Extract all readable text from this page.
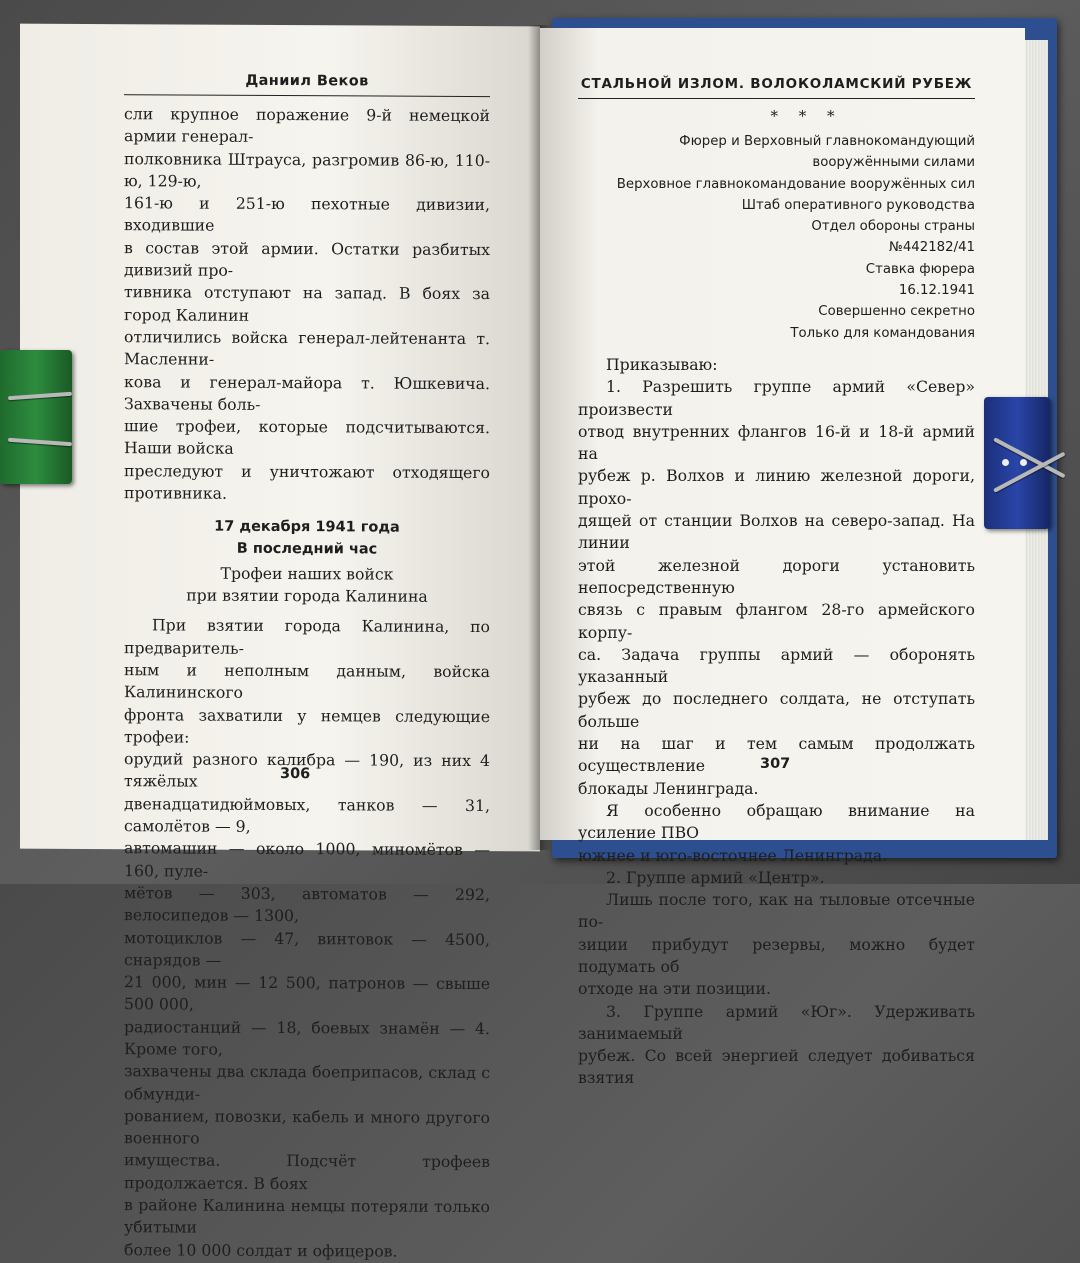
Даниил Веков

сли крупное поражение 9-й немецкой армии генерал-

полковника Штрауса, разгромив 86-ю, 110-ю, 129-ю,

161-ю и 251-ю пехотные дивизии, входившие

в состав этой армии. Остатки разбитых дивизий про-

тивника отступают на запад. В боях за город Калинин

отличились войска генерал-лейтенанта т. Масленни-

кова и генерал-майора т. Юшкевича. Захвачены боль-

шие трофеи, которые подсчитываются. Наши войска

преследуют и уничтожают отходящего противника.

17 декабря 1941 года
В последний час

Трофеи наших войск
при взятии города Калинина

При взятии города Калинина, по предваритель-

ным и неполным данным, войска Калининского

фронта захватили у немцев следующие трофеи:

орудий разного калибра — 190, из них 4 тяжёлых

двенадцатидюймовых, танков — 31, самолётов — 9,

автомашин — около 1000, миномётов — 160, пуле-

мётов — 303, автоматов — 292, велосипедов — 1300,

мотоциклов — 47, винтовок — 4500, снарядов —

21 000, мин — 12 500, патронов — свыше 500 000,

радиостанций — 18, боевых знамён — 4. Кроме того,

захвачены два склада боеприпасов, склад с обмунди-

рованием, повозки, кабель и много другого военного

имущества. Подсчёт трофеев продолжается. В боях

в районе Калинина немцы потеряли только убитыми

более 10 000 солдат и офицеров.

306
СТАЛЬНОЙ ИЗЛОМ. ВОЛОКОЛАМСКИЙ РУБЕЖ
* * *
Фюрер и Верховный главнокомандующий
вооружёнными силами
Верховное главнокомандование вооружённых сил
Штаб оперативного руководства
Отдел обороны страны
№442182/41
Ставка фюрера
16.12.1941
Совершенно секретно
Только для командования

Приказываю:

1. Разрешить группе армий «Север» произвести

отвод внутренних флангов 16-й и 18-й армий на

рубеж р. Волхов и линию железной дороги, прохо-

дящей от станции Волхов на северо-запад. На линии

этой железной дороги установить непосредственную

связь с правым флангом 28-го армейского корпу-

са. Задача группы армий — оборонять указанный

рубеж до последнего солдата, не отступать больше

ни на шаг и тем самым продолжать осуществление

блокады Ленинграда.

Я особенно обращаю внимание на усиление ПВО

южнее и юго-восточнее Ленинграда.

2. Группе армий «Центр».

Лишь после того, как на тыловые отсечные по-

зиции прибудут резервы, можно будет подумать об

отходе на эти позиции.

3. Группе армий «Юг». Удерживать занимаемый

рубеж. Со всей энергией следует добиваться взятия

307
